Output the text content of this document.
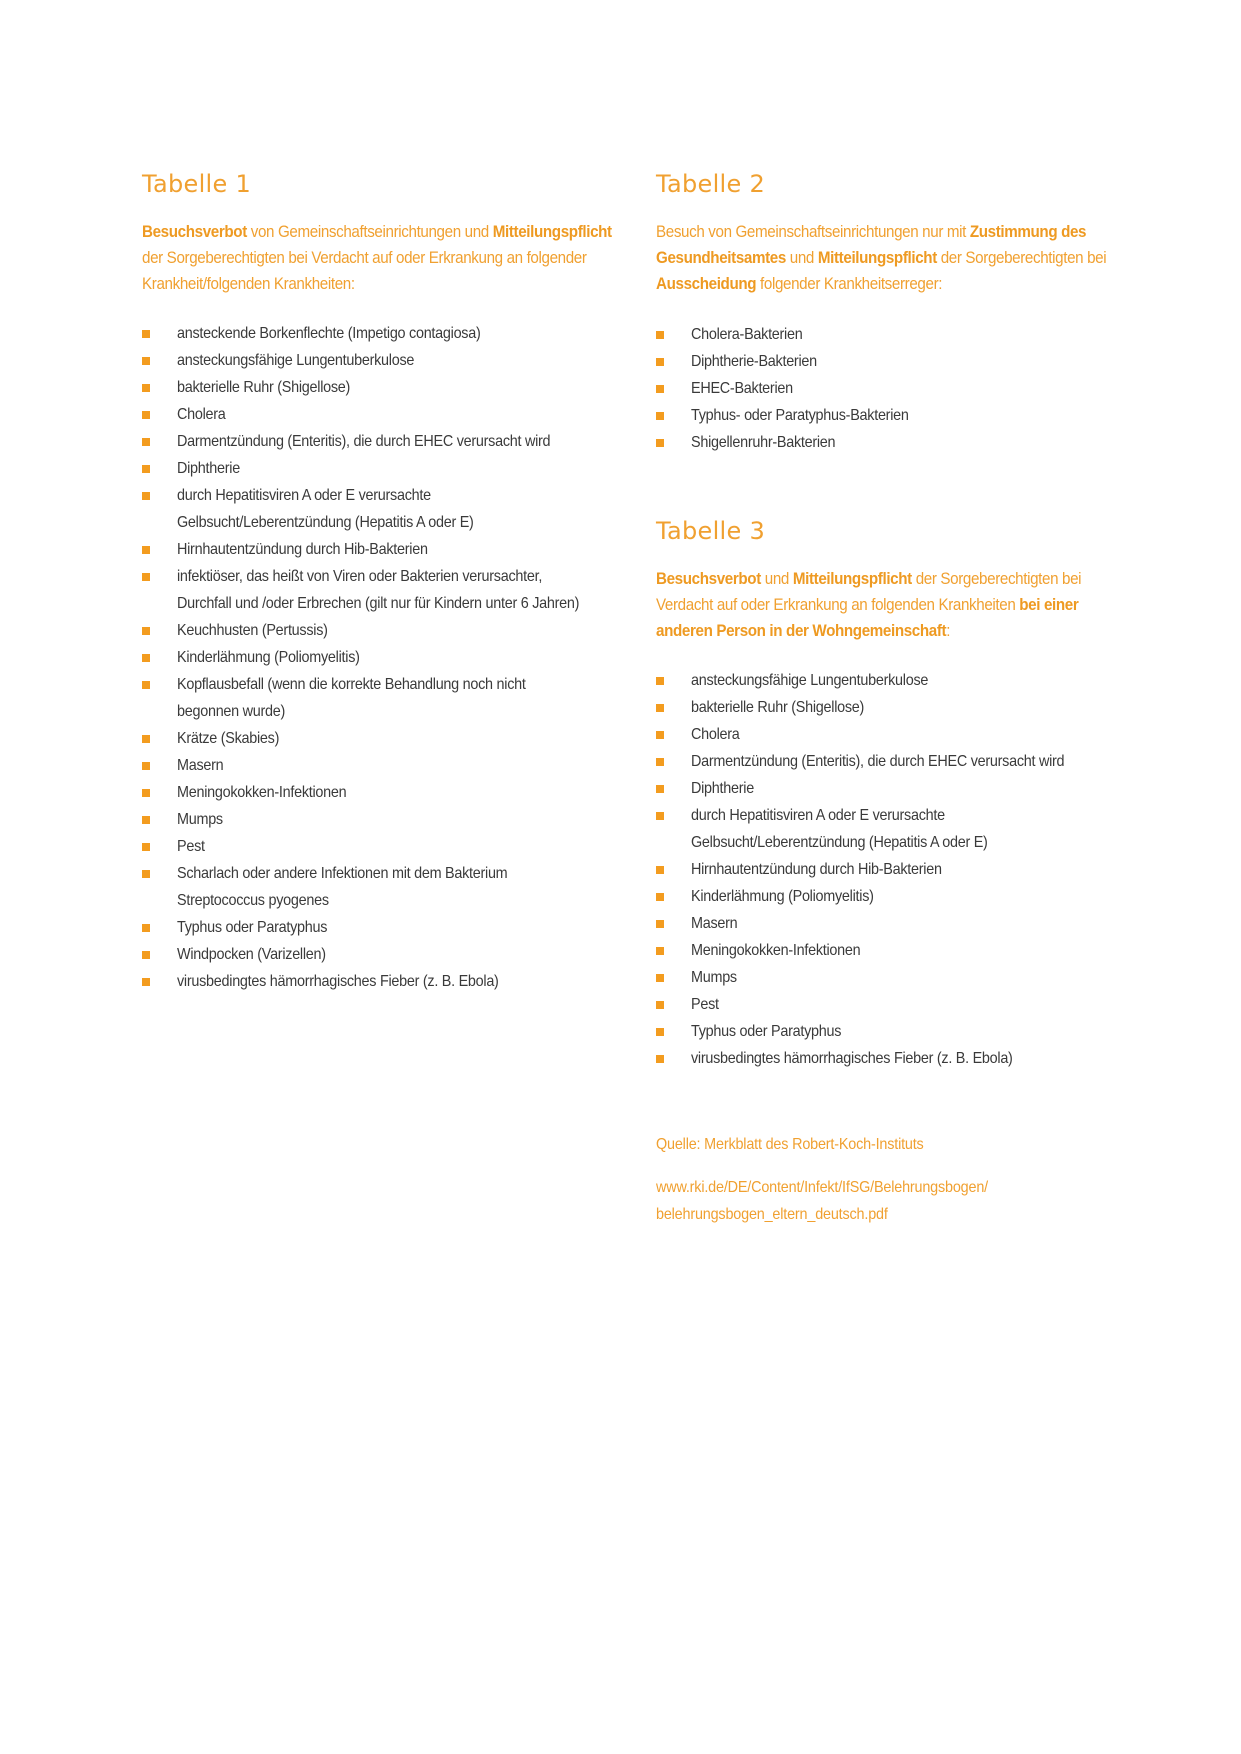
Tabelle 1

Besuchsverbot von Gemeinschaftseinrichtungen und Mitteilungspflicht der Sorgeberechtigten bei Verdacht auf oder Erkrankung an folgender Krankheit/folgenden Krankheiten:

ansteckende Borkenflechte (Impetigo contagiosa)
ansteckungsfähige Lungentuberkulose
bakterielle Ruhr (Shigellose)
Cholera
Darmentzündung (Enteritis), die durch EHEC verursacht wird
Diphtherie
durch Hepatitisviren A oder E verursachte
Gelbsucht/Leberentzündung (Hepatitis A oder E)
Hirnhautentzündung durch Hib-Bakterien
infektiöser, das heißt von Viren oder Bakterien verursachter,
Durchfall und /oder Erbrechen (gilt nur für Kindern unter 6 Jahren)
Keuchhusten (Pertussis)
Kinderlähmung (Poliomyelitis)
Kopflausbefall (wenn die korrekte Behandlung noch nicht
begonnen wurde)
Krätze (Skabies)
Masern
Meningokokken-Infektionen
Mumps
Pest
Scharlach oder andere Infektionen mit dem Bakterium
Streptococcus pyogenes
Typhus oder Paratyphus
Windpocken (Varizellen)
virusbedingtes hämorrhagisches Fieber (z. B. Ebola)
Tabelle 2

Besuch von Gemeinschaftseinrichtungen nur mit Zustimmung des Gesundheitsamtes und Mitteilungspflicht der Sorgeberechtigten bei Ausscheidung folgender Krankheitserreger:

Cholera-Bakterien
Diphtherie-Bakterien
EHEC-Bakterien
Typhus- oder Paratyphus-Bakterien
Shigellenruhr-Bakterien
Tabelle 3

Besuchsverbot und Mitteilungspflicht der Sorgeberechtigten bei Verdacht auf oder Erkrankung an folgenden Krankheiten bei einer anderen Person in der Wohngemeinschaft:

ansteckungsfähige Lungentuberkulose
bakterielle Ruhr (Shigellose)
Cholera
Darmentzündung (Enteritis), die durch EHEC verursacht wird
Diphtherie
durch Hepatitisviren A oder E verursachte
Gelbsucht/Leberentzündung (Hepatitis A oder E)
Hirnhautentzündung durch Hib-Bakterien
Kinderlähmung (Poliomyelitis)
Masern
Meningokokken-Infektionen
Mumps
Pest
Typhus oder Paratyphus
virusbedingtes hämorrhagisches Fieber (z. B. Ebola)

Quelle: Merkblatt des Robert-Koch-Instituts

www.rki.de/DE/Content/Infekt/IfSG/Belehrungsbogen/
belehrungsbogen_eltern_deutsch.pdf
